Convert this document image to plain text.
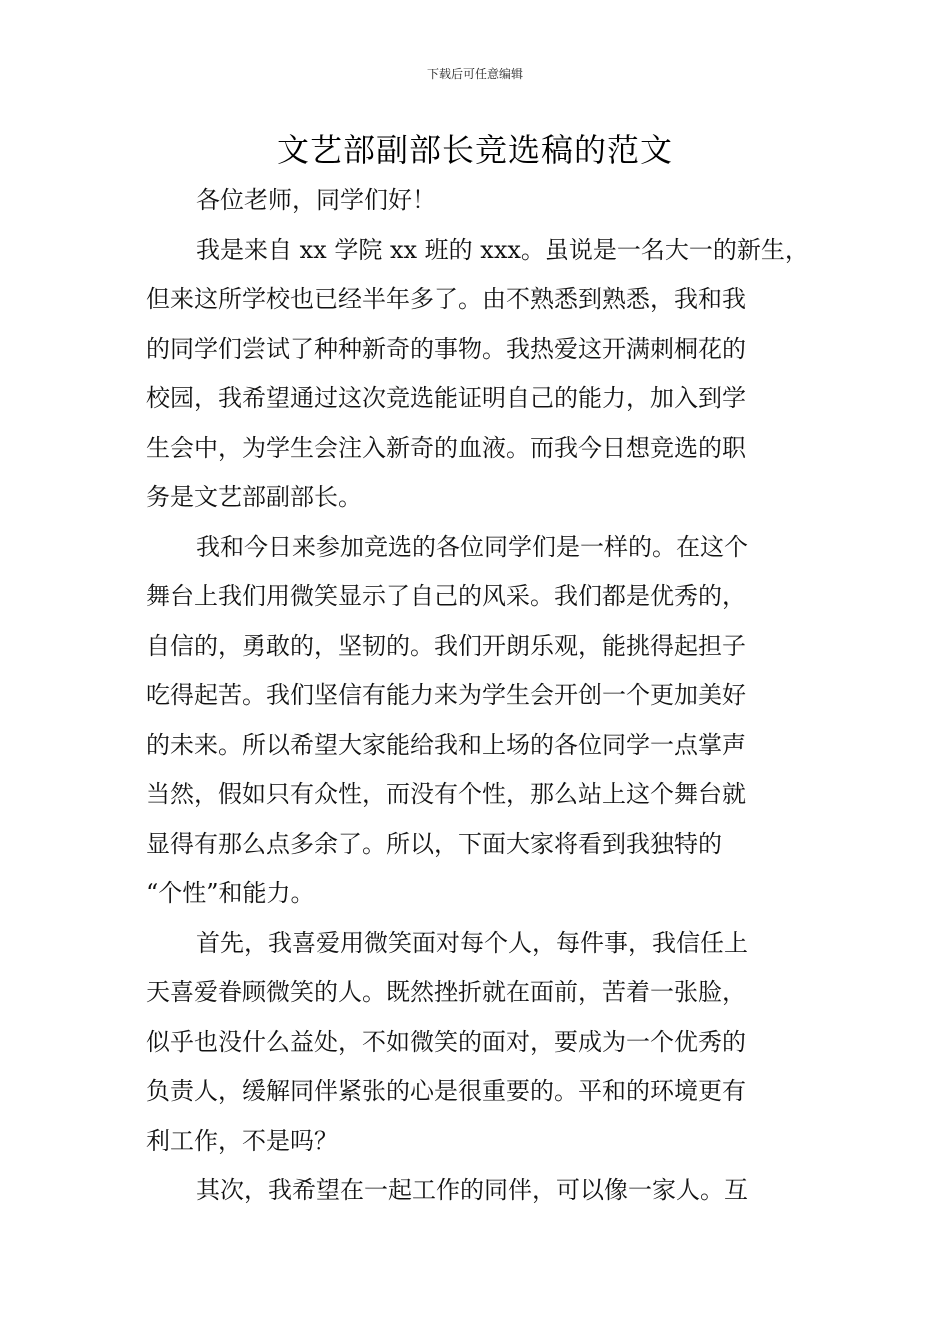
下载后可任意编辑
文艺部副部长竞选稿的范文
各位老师，同学们好！
我是来自 xx 学院 xx 班的 xxx。虽说是一名大一的新生，
但来这所学校也已经半年多了。由不熟悉到熟悉，我和我
的同学们尝试了种种新奇的事物。我热爱这开满刺桐花的
校园，我希望通过这次竞选能证明自己的能力，加入到学
生会中，为学生会注入新奇的血液。而我今日想竞选的职
务是文艺部副部长。
我和今日来参加竞选的各位同学们是一样的。在这个
舞台上我们用微笑显示了自己的风采。我们都是优秀的，
自信的，勇敢的，坚韧的。我们开朗乐观，能挑得起担子
吃得起苦。我们坚信有能力来为学生会开创一个更加美好
的未来。所以希望大家能给我和上场的各位同学一点掌声
当然，假如只有众性，而没有个性，那么站上这个舞台就
显得有那么点多余了。所以，下面大家将看到我独特的
“个性”和能力。
首先，我喜爱用微笑面对每个人，每件事，我信任上
天喜爱眷顾微笑的人。既然挫折就在面前，苦着一张脸，
似乎也没什么益处，不如微笑的面对，要成为一个优秀的
负责人，缓解同伴紧张的心是很重要的。平和的环境更有
利工作，不是吗？
其次，我希望在一起工作的同伴，可以像一家人。互
